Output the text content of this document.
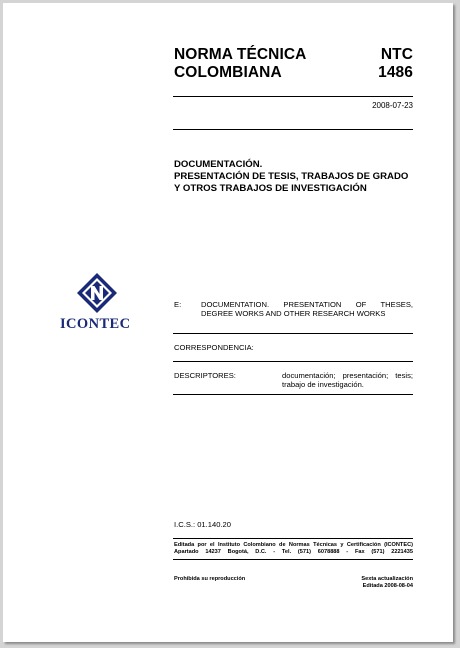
NORMA TÉCNICA
COLOMBIANA
NTC
1486
2008-07-23
DOCUMENTACIÓN.
PRESENTACIÓN DE TESIS, TRABAJOS DE GRADO
Y OTROS TRABAJOS DE INVESTIGACIÓN
ICONTEC
E:	DOCUMENTATION. PRESENTATION OF THESES,
DEGREE WORKS AND OTHER RESEARCH WORKS
CORRESPONDENCIA:
DESCRIPTORES:	documentación; presentación; tesis;
trabajo de investigación.
I.C.S.: 01.140.20
Editada por el Instituto Colombiano de Normas Técnicas y Certificación (ICONTEC)
Apartado 14237 Bogotá, D.C. - Tel. (571) 6078888 - Fax (571) 2221435
Prohibida su reproducción	Sexta actualización
Editada 2008-08-04
